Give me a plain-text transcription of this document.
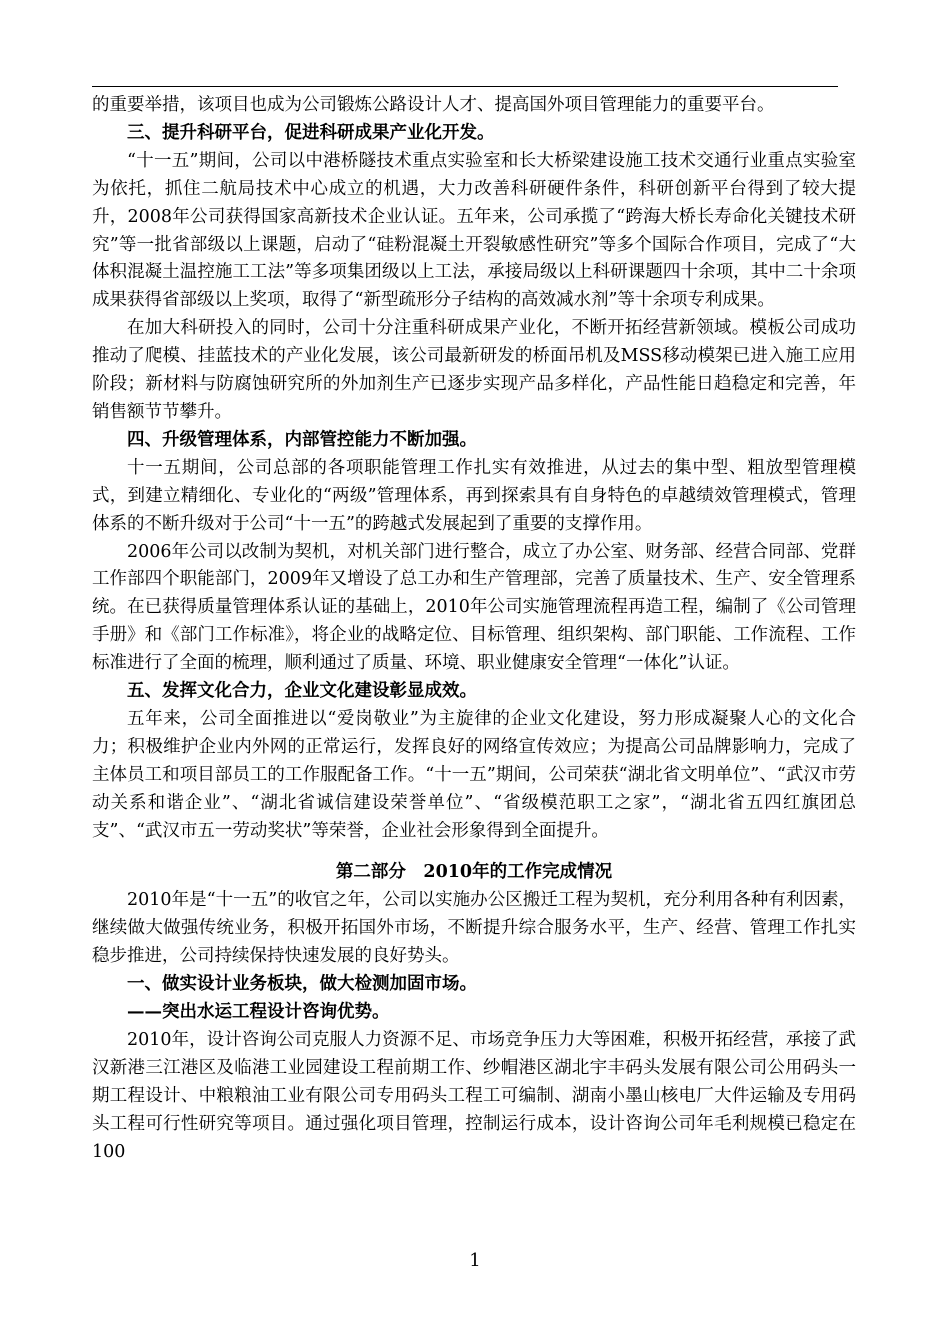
的重要举措，该项目也成为公司锻炼公路设计人才、提高国外项目管理能力的重要平台。

三、提升科研平台，促进科研成果产业化开发。

“十一五”期间，公司以中港桥隧技术重点实验室和长大桥梁建设施工技术交通行业重点实验室为依托，抓住二航局技术中心成立的机遇，大力改善科研硬件条件，科研创新平台得到了较大提升，2008年公司获得国家高新技术企业认证。五年来，公司承揽了“跨海大桥长寿命化关键技术研究”等一批省部级以上课题，启动了“硅粉混凝土开裂敏感性研究”等多个国际合作项目，完成了“大体积混凝土温控施工工法”等多项集团级以上工法，承接局级以上科研课题四十余项，其中二十余项成果获得省部级以上奖项，取得了“新型疏形分子结构的高效减水剂”等十余项专利成果。

在加大科研投入的同时，公司十分注重科研成果产业化，不断开拓经营新领域。模板公司成功推动了爬模、挂蓝技术的产业化发展，该公司最新研发的桥面吊机及MSS移动模架已进入施工应用阶段；新材料与防腐蚀研究所的外加剂生产已逐步实现产品多样化，产品性能日趋稳定和完善，年销售额节节攀升。

四、升级管理体系，内部管控能力不断加强。

十一五期间，公司总部的各项职能管理工作扎实有效推进，从过去的集中型、粗放型管理模式，到建立精细化、专业化的“两级”管理体系，再到探索具有自身特色的卓越绩效管理模式，管理体系的不断升级对于公司“十一五”的跨越式发展起到了重要的支撑作用。

2006年公司以改制为契机，对机关部门进行整合，成立了办公室、财务部、经营合同部、党群工作部四个职能部门，2009年又增设了总工办和生产管理部，完善了质量技术、生产、安全管理系统。在已获得质量管理体系认证的基础上，2010年公司实施管理流程再造工程，编制了《公司管理手册》和《部门工作标准》，将企业的战略定位、目标管理、组织架构、部门职能、工作流程、工作标准进行了全面的梳理，顺利通过了质量、环境、职业健康安全管理“一体化”认证。

五、发挥文化合力，企业文化建设彰显成效。

五年来，公司全面推进以“爱岗敬业”为主旋律的企业文化建设，努力形成凝聚人心的文化合力；积极维护企业内外网的正常运行，发挥良好的网络宣传效应；为提高公司品牌影响力，完成了主体员工和项目部员工的工作服配备工作。“十一五”期间，公司荣获“湖北省文明单位”、“武汉市劳动关系和谐企业”、“湖北省诚信建设荣誉单位”、“省级模范职工之家”，“湖北省五四红旗团总支”、“武汉市五一劳动奖状”等荣誉，企业社会形象得到全面提升。

第二部分　2010年的工作完成情况

2010年是“十一五”的收官之年，公司以实施办公区搬迁工程为契机，充分利用各种有利因素，继续做大做强传统业务，积极开拓国外市场，不断提升综合服务水平，生产、经营、管理工作扎实稳步推进，公司持续保持快速发展的良好势头。

一、做实设计业务板块，做大检测加固市场。

——突出水运工程设计咨询优势。

2010年，设计咨询公司克服人力资源不足、市场竞争压力大等困难，积极开拓经营，承接了武汉新港三江港区及临港工业园建设工程前期工作、纱帽港区湖北宇丰码头发展有限公司公用码头一期工程设计、中粮粮油工业有限公司专用码头工程工可编制、湖南小墨山核电厂大件运输及专用码头工程可行性研究等项目。通过强化项目管理，控制运行成本，设计咨询公司年毛利规模已稳定在100

1
